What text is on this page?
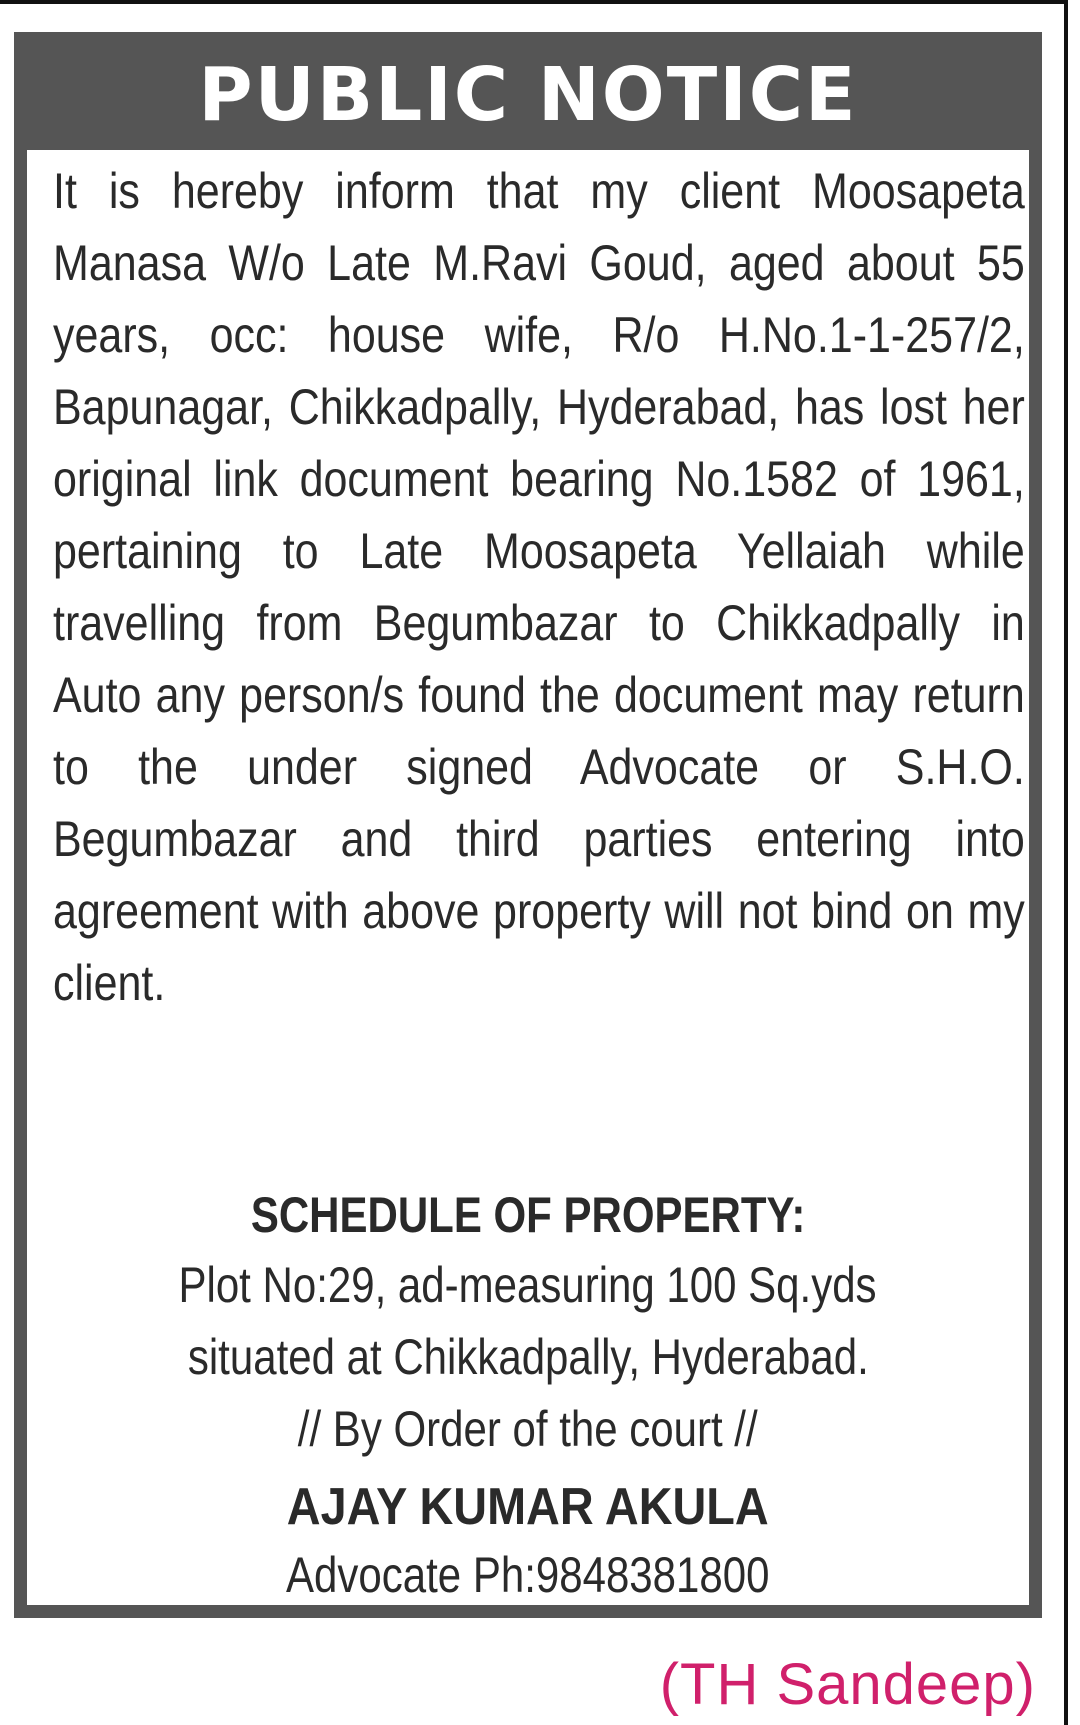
PUBLIC NOTICE
It is hereby inform that my client Moosapeta Manasa W/o Late M.Ravi Goud, aged about 55 years, occ: house wife, R/o H.No.1-1-257/2, Bapunagar, Chikkadpally, Hyderabad, has lost her original link document bearing No.1582 of 1961, pertaining to Late Moosapeta Yellaiah while travelling from Begumbazar to Chikkadpally in Auto any person/s found the document may return to the under signed Advocate or S.H.O. Begumbazar and third parties entering into agreement with above property will not bind on my client.
SCHEDULE OF PROPERTY:
Plot No:29, ad-measuring 100 Sq.yds
situated at Chikkadpally, Hyderabad.
// By Order of the court //
AJAY KUMAR AKULA
Advocate Ph:9848381800
(TH Sandeep)
